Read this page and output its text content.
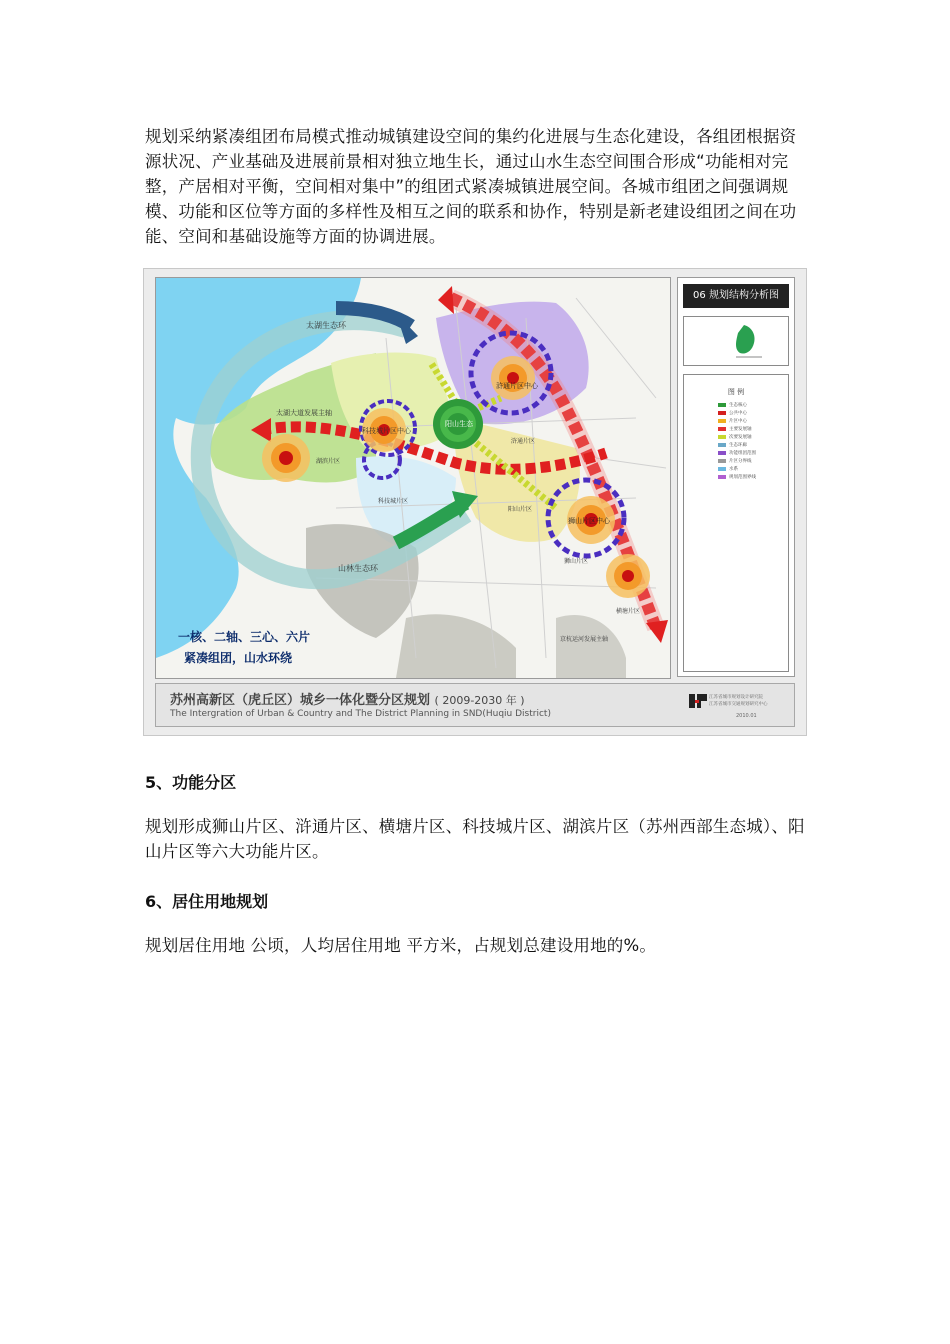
规划采纳紧凑组团布局模式推动城镇建设空间的集约化进展与生态化建设，各组团根据资源状况、产业基础及进展前景相对独立地生长，通过山水生态空间围合形成“功能相对完整，产居相对平衡，空间相对集中”的组团式紧凑城镇进展空间。各城市组团之间强调规模、功能和区位等方面的多样性及相互之间的联系和协作，特别是新老建设组团之间在功能、空间和基础设施等方面的协调进展。

太湖生态环
太湖大道发展主轴
湖滨片区
科技城片区中心
科技城片区
阳山生态
浒通片区中心
浒通片区
阳山片区
狮山片区中心
狮山片区
横塘片区
山林生态环
京杭运河发展主轴
一核、二轴、三心、六片
紧凑组团，山水环绕
06 规划结构分析图
图 例
生态核心
公共中心
片区中心
主要发展轴
次要发展轴
生态环廊
功能组团范围
片区分界线
水系
规划范围界线
苏州高新区（虎丘区）城乡一体化暨分区规划 ( 2009-2030 年 )
The Intergration of Urban & Country and The District Planning in SND(Huqiu District)
江苏省城市规划设计研究院
江苏省城市交通规划研究中心
2010.01

5、功能分区

规划形成狮山片区、浒通片区、横塘片区、科技城片区、湖滨片区（苏州西部生态城）、阳山片区等六大功能片区。

6、居住用地规划

规划居住用地 公顷，人均居住用地 平方米，占规划总建设用地的%。
